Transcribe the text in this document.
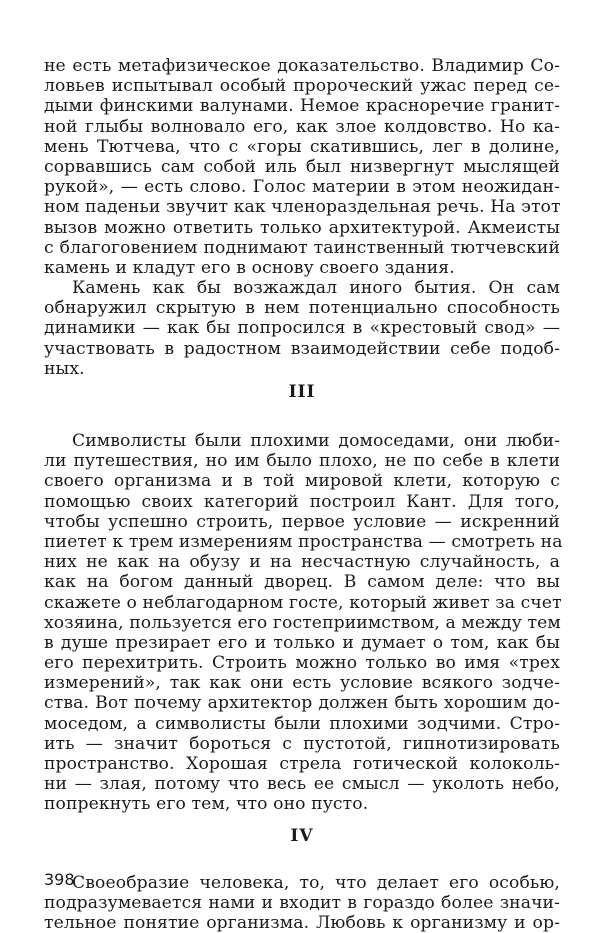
не есть метафизическое доказательство. Владимир Со-
ловьев испытывал особый пророческий ужас перед се-
дыми финскими валунами. Немое красноречие гранит-
ной глыбы волновало его, как злое колдовство. Но ка-
мень Тютчева, что с «горы скатившись, лег в долине,
сорвавшись сам собой иль был низвергнут мыслящей
рукой», — есть слово. Голос материи в этом неожидан-
ном паденьи звучит как членораздельная речь. На этот
вызов можно ответить только архитектурой. Акмеисты
с благоговением поднимают таинственный тютчевский
камень и кладут его в основу своего здания.
Камень как бы возжаждал иного бытия. Он сам
обнаружил скрытую в нем потенциально способность
динамики — как бы попросился в «крестовый свод» —
участвовать в радостном взаимодействии себе подоб-
ных.
III
Символисты были плохими домоседами, они люби-
ли путешествия, но им было плохо, не по себе в клети
своего организма и в той мировой клети, которую с
помощью своих категорий построил Кант. Для того,
чтобы успешно строить, первое условие — искренний
пиетет к трем измерениям пространства — смотреть на
них не как на обузу и на несчастную случайность, а
как на богом данный дворец. В самом деле: что вы
скажете о неблагодарном госте, который живет за счет
хозяина, пользуется его гостеприимством, а между тем
в душе презирает его и только и думает о том, как бы
его перехитрить. Строить можно только во имя «трех
измерений», так как они есть условие всякого зодче-
ства. Вот почему архитектор должен быть хорошим до-
моседом, а символисты были плохими зодчими. Стро-
ить — значит бороться с пустотой, гипнотизировать
пространство. Хорошая стрела готической колоколь-
ни — злая, потому что весь ее смысл — уколоть небо,
попрекнуть его тем, что оно пусто.
IV
Своеобразие человека, то, что делает его особью,
подразумевается нами и входит в гораздо более значи-
тельное понятие организма. Любовь к организму и ор-
398
